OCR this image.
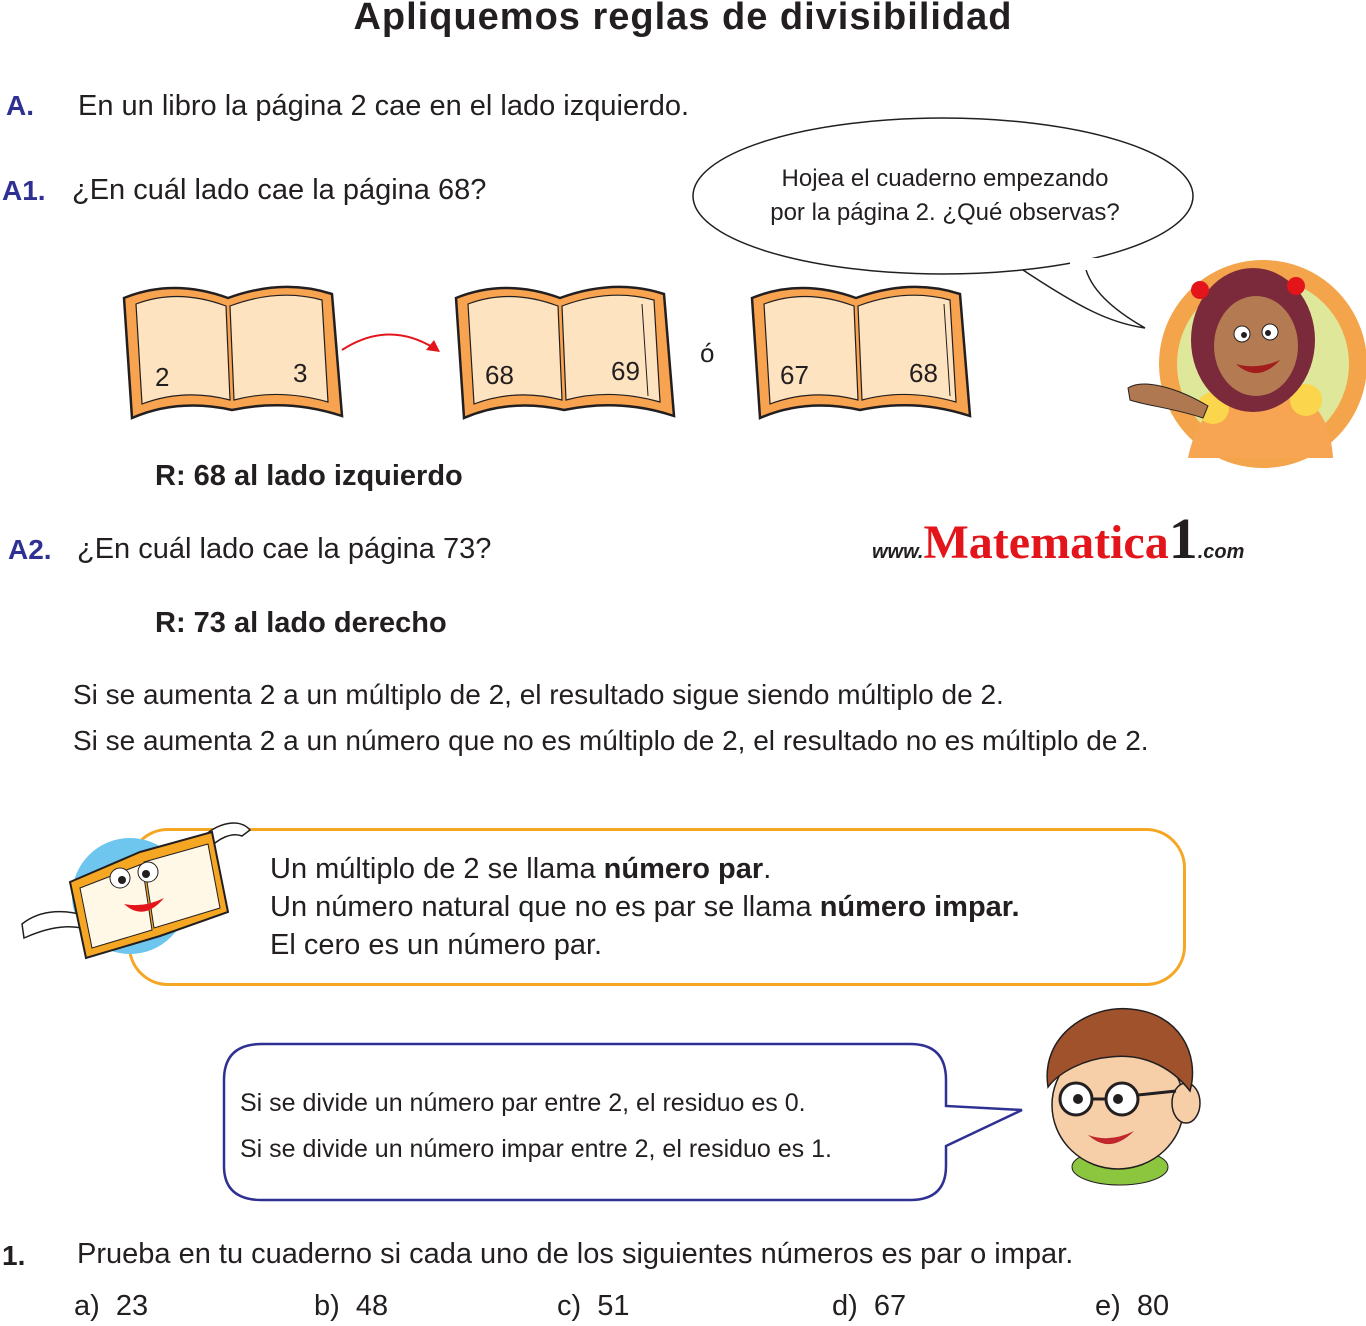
Apliquemos reglas de divisibilidad
A. En un libro la página 2 cae en el lado izquierdo.
A1. ¿En cuál lado cae la página 68?	Hojea el cuaderno empezando
por la página 2. ¿Qué observas?
2	3	68	69
ó
67	68
R: 68 al lado izquierdo
A2. ¿En cuál lado cae la página 73?
R: 73 al lado derecho
www.Matematica1.com
Si se aumenta 2 a un múltiplo de 2, el resultado sigue siendo múltiplo de 2.
Si se aumenta 2 a un número que no es múltiplo de 2, el resultado no es múltiplo de 2.
Un múltiplo de 2 se llama número par.
Un número natural que no es par se llama número impar.
El cero es un número par.
Si se divide un número par entre 2, el residuo es 0.
Si se divide un número impar entre 2, el residuo es 1.
1. Prueba en tu cuaderno si cada uno de los siguientes números es par o impar.
a) 23	b) 48	c) 51	d) 67	e) 80
